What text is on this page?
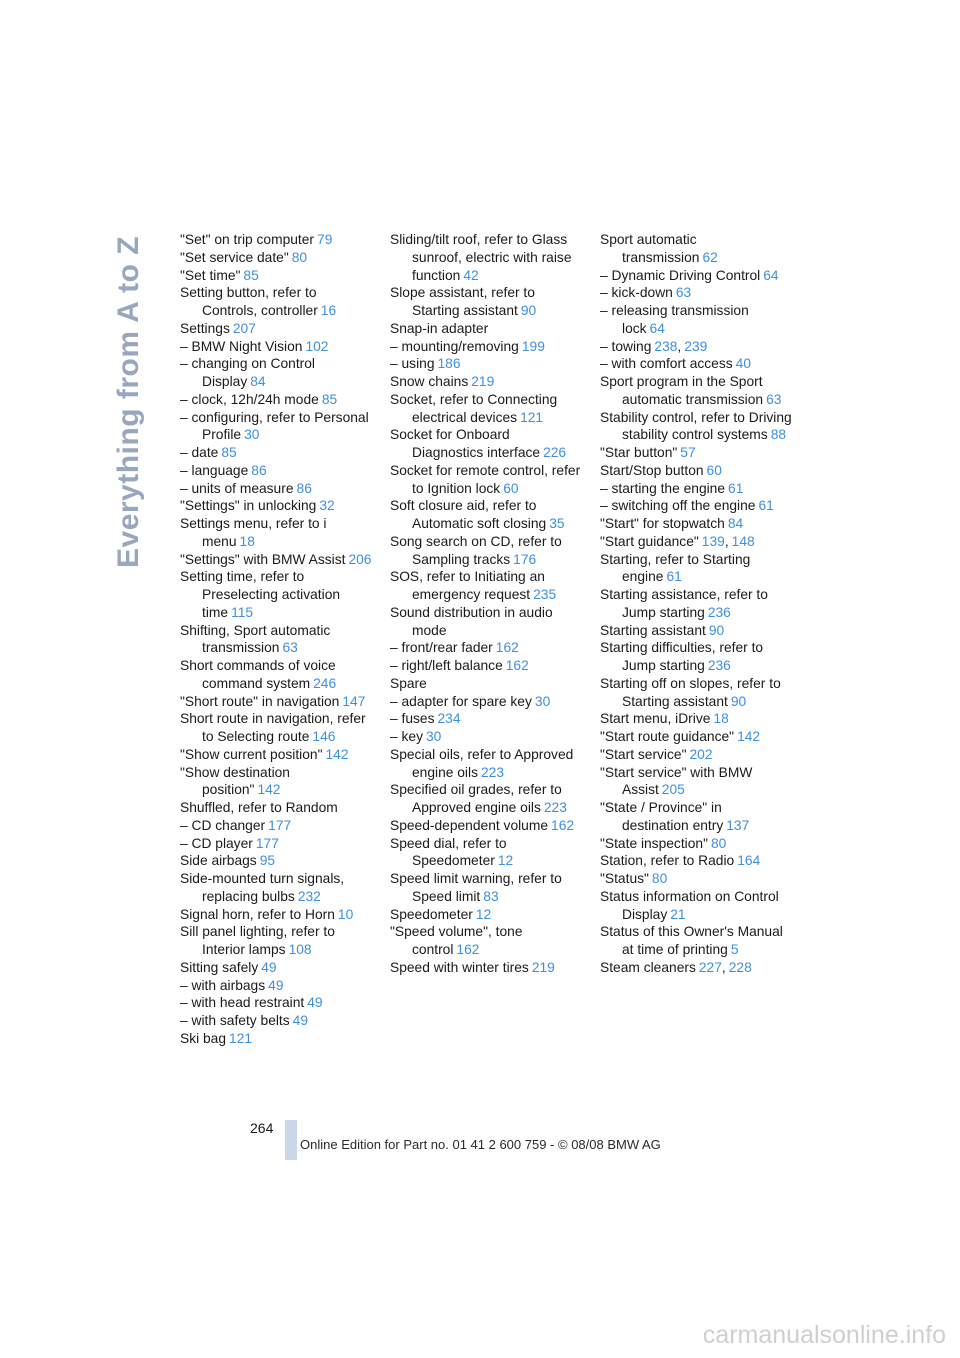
Everything from A to Z	"Set" on trip computer 79
"Set service date" 80
"Set time" 85
Setting button, refer to Controls, controller 16
Settings 207
– BMW Night Vision 102
– changing on Control Display 84
– clock, 12h/24h mode 85
– configuring, refer to Personal Profile 30
– date 85
– language 86
– units of measure 86
"Settings" in unlocking 32
Settings menu, refer to i menu 18
"Settings" with BMW Assist 206
Setting time, refer to Preselecting activation time 115
Shifting, Sport automatic transmission 63
Short commands of voice command system 246
"Short route" in navigation 147
Short route in navigation, refer to Selecting route 146
"Show current position" 142
"Show destination position" 142
Shuffled, refer to Random
– CD changer 177
– CD player 177
Side airbags 95
Side-mounted turn signals, replacing bulbs 232
Signal horn, refer to Horn 10
Sill panel lighting, refer to Interior lamps 108
Sitting safely 49
– with airbags 49
– with head restraint 49
– with safety belts 49
Ski bag 121
Sliding/tilt roof, refer to Glass sunroof, electric with raise function 42
Slope assistant, refer to Starting assistant 90
Snap-in adapter
– mounting/removing 199
– using 186
Snow chains 219
Socket, refer to Connecting electrical devices 121
Socket for Onboard Diagnostics interface 226
Socket for remote control, refer to Ignition lock 60
Soft closure aid, refer to Automatic soft closing 35
Song search on CD, refer to Sampling tracks 176
SOS, refer to Initiating an emergency request 235
Sound distribution in audio mode
– front/rear fader 162
– right/left balance 162
Spare
– adapter for spare key 30
– fuses 234
– key 30
Special oils, refer to Approved engine oils 223
Specified oil grades, refer to Approved engine oils 223
Speed-dependent volume 162
Speed dial, refer to Speedometer 12
Speed limit warning, refer to Speed limit 83
Speedometer 12
"Speed volume", tone control 162
Speed with winter tires 219
Sport automatic transmission 62
– Dynamic Driving Control 64
– kick-down 63
– releasing transmission lock 64
– towing 238, 239
– with comfort access 40
Sport program in the Sport automatic transmission 63
Stability control, refer to Driving stability control systems 88
"Star button" 57
Start/Stop button 60
– starting the engine 61
– switching off the engine 61
"Start" for stopwatch 84
"Start guidance" 139, 148
Starting, refer to Starting engine 61
Starting assistance, refer to Jump starting 236
Starting assistant 90
Starting difficulties, refer to Jump starting 236
Starting off on slopes, refer to Starting assistant 90
Start menu, iDrive 18
"Start route guidance" 142
"Start service" 202
"Start service" with BMW Assist 205
"State / Province" in destination entry 137
"State inspection" 80
Station, refer to Radio 164
"Status" 80
Status information on Control Display 21
Status of this Owner's Manual at time of printing 5
Steam cleaners 227, 228
264
Online Edition for Part no. 01 41 2 600 759 - © 08/08 BMW AG
carmanualsonline.info
